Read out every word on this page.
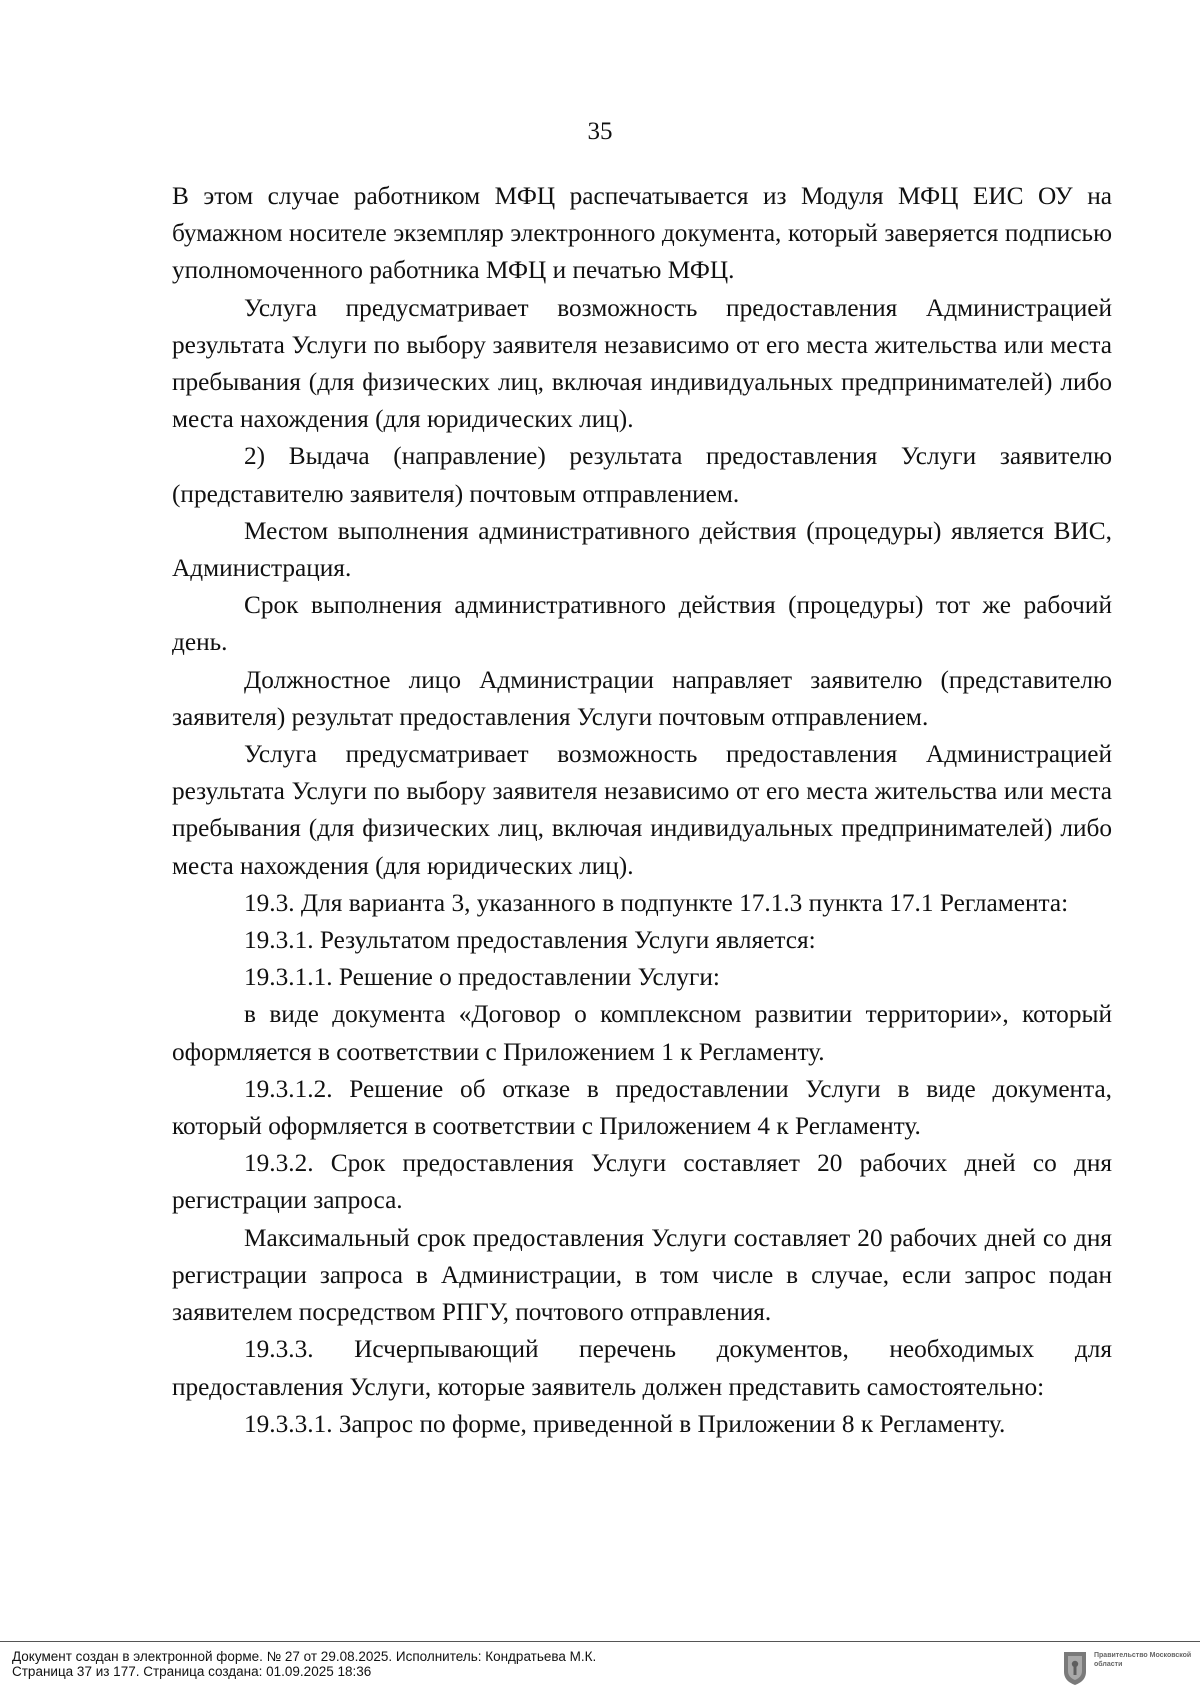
35

В этом случае работником МФЦ распечатывается из Модуля МФЦ ЕИС ОУ на бумажном носителе экземпляр электронного документа, который заверяется подписью уполномоченного работника МФЦ и печатью МФЦ.

Услуга предусматривает возможность предоставления Администрацией результата Услуги по выбору заявителя независимо от его места жительства или места пребывания (для физических лиц, включая индивидуальных предпринимателей) либо места нахождения (для юридических лиц).

2) Выдача (направление) результата предоставления Услуги заявителю (представителю заявителя) почтовым отправлением.

Местом выполнения административного действия (процедуры) является ВИС, Администрация.

Срок выполнения административного действия (процедуры) тот же рабочий день.

Должностное лицо Администрации направляет заявителю (представителю заявителя) результат предоставления Услуги почтовым отправлением.

Услуга предусматривает возможность предоставления Администрацией результата Услуги по выбору заявителя независимо от его места жительства или места пребывания (для физических лиц, включая индивидуальных предпринимателей) либо места нахождения (для юридических лиц).

19.3. Для варианта 3, указанного в подпункте 17.1.3 пункта 17.1 Регламента:

19.3.1. Результатом предоставления Услуги является:

19.3.1.1. Решение о предоставлении Услуги:

в виде документа «Договор о комплексном развитии территории», который оформляется в соответствии с Приложением 1 к Регламенту.

19.3.1.2. Решение об отказе в предоставлении Услуги в виде документа, который оформляется в соответствии с Приложением 4 к Регламенту.

19.3.2. Срок предоставления Услуги составляет 20 рабочих дней со дня регистрации запроса.

Максимальный срок предоставления Услуги составляет 20 рабочих дней со дня регистрации запроса в Администрации, в том числе в случае, если запрос подан заявителем посредством РПГУ, почтового отправления.

19.3.3. Исчерпывающий перечень документов, необходимых для предоставления Услуги, которые заявитель должен представить самостоятельно:

19.3.3.1. Запрос по форме, приведенной в Приложении 8 к Регламенту.

Документ создан в электронной форме. № 27 от 29.08.2025. Исполнитель: Кондратьева М.К.
Страница 37 из 177. Страница создана: 01.09.2025 18:36
Правительство Московской области
